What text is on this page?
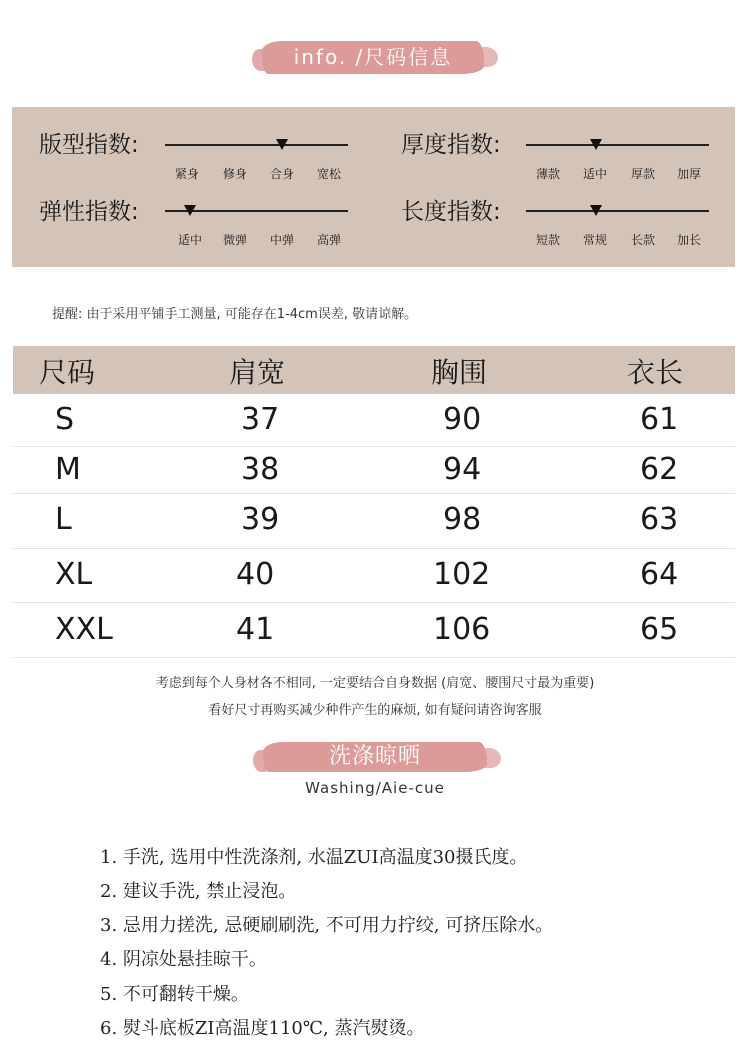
info. /尺码信息
版型指数:
紧身	修身	合身	宽松
厚度指数:
薄款	适中	厚款	加厚
弹性指数:
适中	微弹	中弹	高弹
长度指数:
短款	常规	长款	加长
提醒: 由于采用平铺手工测量, 可能存在1-4cm误差, 敬请谅解。
尺码	肩宽	胸围	衣长
S	37	90	61
M	38	94	62
L	39	98	63
XL	40	102	64
XXL	41	106	65
考虑到每个人身材各不相同, 一定要结合自身数据 (肩宽、腰围尺寸最为重要)
看好尺寸再购买减少种件产生的麻烦, 如有疑问请咨询客服
洗涤晾晒
Washing/Aie-cue
1. 手洗, 选用中性洗涤剂, 水温ZUI高温度30摄氏度。
2. 建议手洗, 禁止浸泡。
3. 忌用力搓洗, 忌硬刷刷洗, 不可用力拧绞, 可挤压除水。
4. 阴凉处悬挂晾干。
5. 不可翻转干燥。
6. 熨斗底板ZI高温度110℃, 蒸汽熨烫。
